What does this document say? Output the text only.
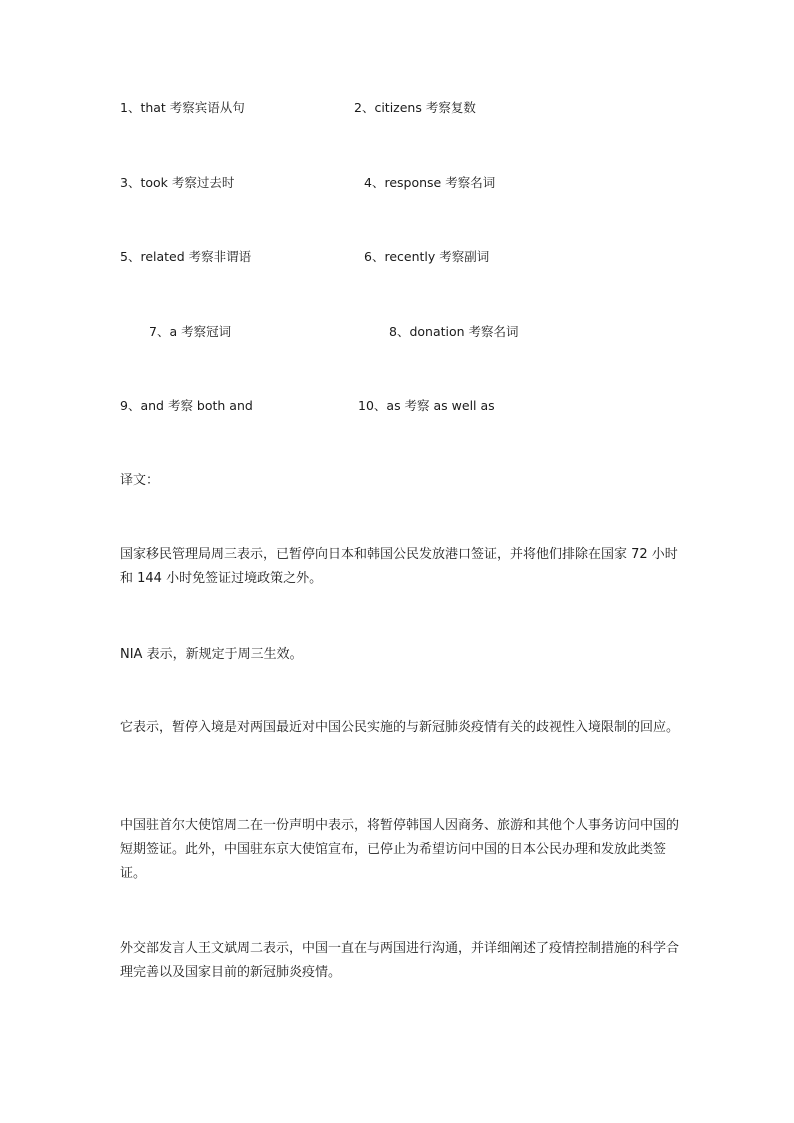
1、that 考察宾语从句	2、citizens 考察复数
3、took 考察过去时	4、response 考察名词
5、related 考察非谓语	6、recently 考察副词
7、a 考察冠词	8、donation 考察名词
9、and 考察 both and	10、as 考察 as well as
译文：
国家移民管理局周三表示，已暂停向日本和韩国公民发放港口签证，并将他们排除在国家 72 小时和 144 小时免签证过境政策之外。
NIA 表示，新规定于周三生效。
它表示，暂停入境是对两国最近对中国公民实施的与新冠肺炎疫情有关的歧视性入境限制的回应。
中国驻首尔大使馆周二在一份声明中表示，将暂停韩国人因商务、旅游和其他个人事务访问中国的短期签证。此外，中国驻东京大使馆宣布，已停止为希望访问中国的日本公民办理和发放此类签证。
外交部发言人王文斌周二表示，中国一直在与两国进行沟通，并详细阐述了疫情控制措施的科学合理完善以及国家目前的新冠肺炎疫情。
